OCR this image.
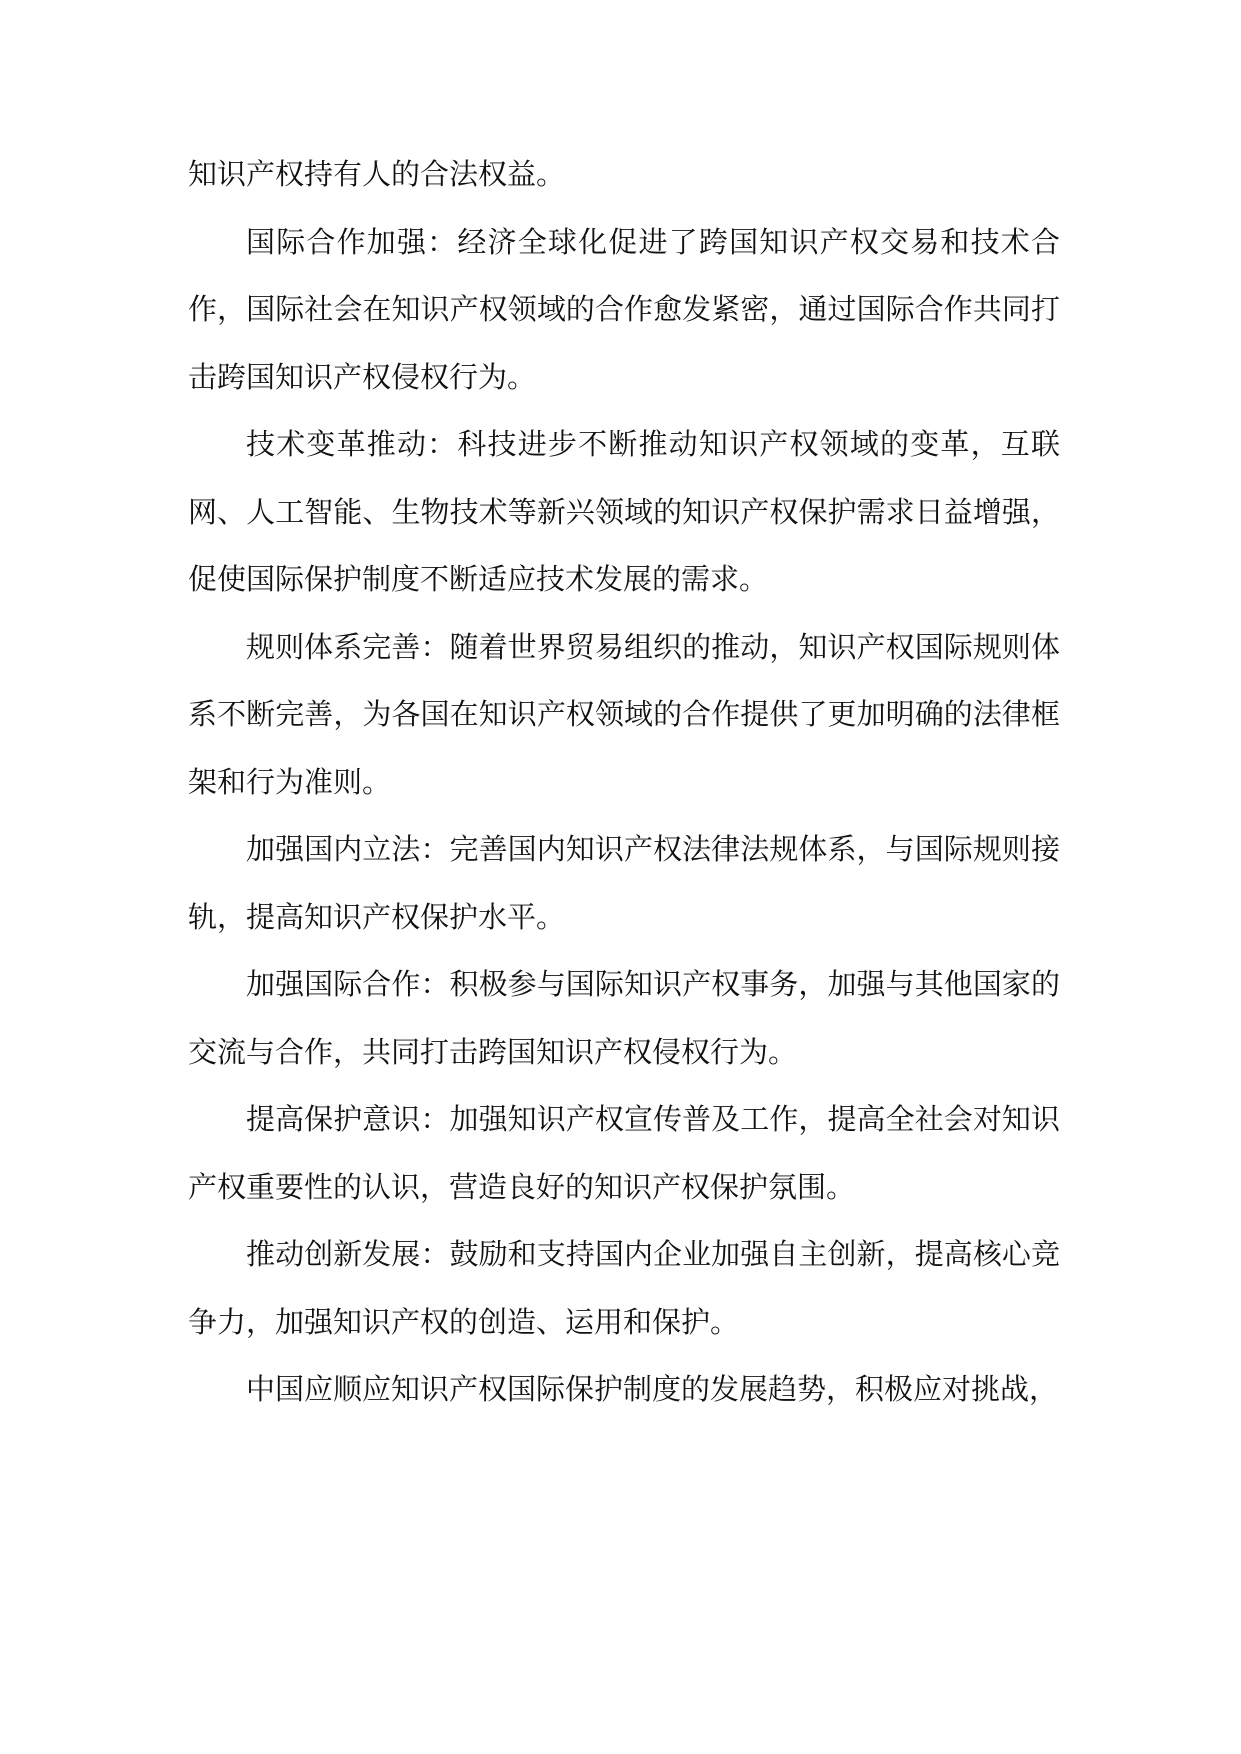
知识产权持有人的合法权益。

国际合作加强：经济全球化促进了跨国知识产权交易和技术合作，国际社会在知识产权领域的合作愈发紧密，通过国际合作共同打击跨国知识产权侵权行为。

技术变革推动：科技进步不断推动知识产权领域的变革，互联网、人工智能、生物技术等新兴领域的知识产权保护需求日益增强，促使国际保护制度不断适应技术发展的需求。

规则体系完善：随着世界贸易组织的推动，知识产权国际规则体系不断完善，为各国在知识产权领域的合作提供了更加明确的法律框架和行为准则。

加强国内立法：完善国内知识产权法律法规体系，与国际规则接轨，提高知识产权保护水平。

加强国际合作：积极参与国际知识产权事务，加强与其他国家的交流与合作，共同打击跨国知识产权侵权行为。

提高保护意识：加强知识产权宣传普及工作，提高全社会对知识产权重要性的认识，营造良好的知识产权保护氛围。

推动创新发展：鼓励和支持国内企业加强自主创新，提高核心竞争力，加强知识产权的创造、运用和保护。

中国应顺应知识产权国际保护制度的发展趋势，积极应对挑战，
